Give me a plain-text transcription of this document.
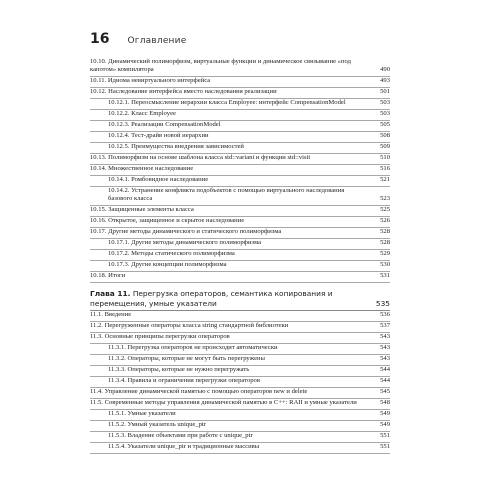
16 Оглавление
10.10. Динамический полиморфизм, виртуальные функции и динамическое связывание «под капотом» компилятора	490
10.11. Идиома невиртуального интерфейса	493
10.12. Наследование интерфейса вместо наследования реализации	501
10.12.1. Переосмысление иерархии класса Employee: интерфейс CompensationModel	503
10.12.2. Класс Employee	503
10.12.3. Реализации CompensationModel	505
10.12.4. Тест-драйв новой иерархии	508
10.12.5. Преимущества внедрения зависимостей	509
10.13. Полиморфизм на основе шаблона класса std::variant и функции std::visit	510
10.14. Множественное наследование	516
10.14.1. Ромбовидное наследование	521
10.14.2. Устранение конфликта подобъектов с помощью виртуального наследования базового класса	523
10.15. Защищенные элементы класса	525
10.16. Открытое, защищенное и скрытое наследование	526
10.17. Другие методы динамического и статического полиморфизма	528
10.17.1. Другие методы динамического полиморфизма	528
10.17.2. Методы статического полиморфизма	529
10.17.3. Другие концепции полиморфизма	530
10.18. Итоги	531
Глава 11. Перегрузка операторов, семантика копирования и перемещения, умные указатели	535
11.1. Введение	536
11.2. Перегруженные операторы класса string стандартной библиотеки	537
11.3. Основные принципы перегрузки операторов	543
11.3.1. Перегрузка операторов не происходит автоматически	543
11.3.2. Операторы, которые не могут быть перегружены	543
11.3.3. Операторы, которые не нужно перегружать	544
11.3.4. Правила и ограничения перегрузки операторов	544
11.4. Управление динамической памятью с помощью операторов new и delete	545
11.5. Современные методы управления динамической памятью в C++: RAII и умные указатели	548
11.5.1. Умные указатели	549
11.5.2. Умный указатель unique_ptr	549
11.5.3. Владение объектами при работе с unique_ptr	551
11.5.4. Указатели unique_ptr и традиционные массивы	551
